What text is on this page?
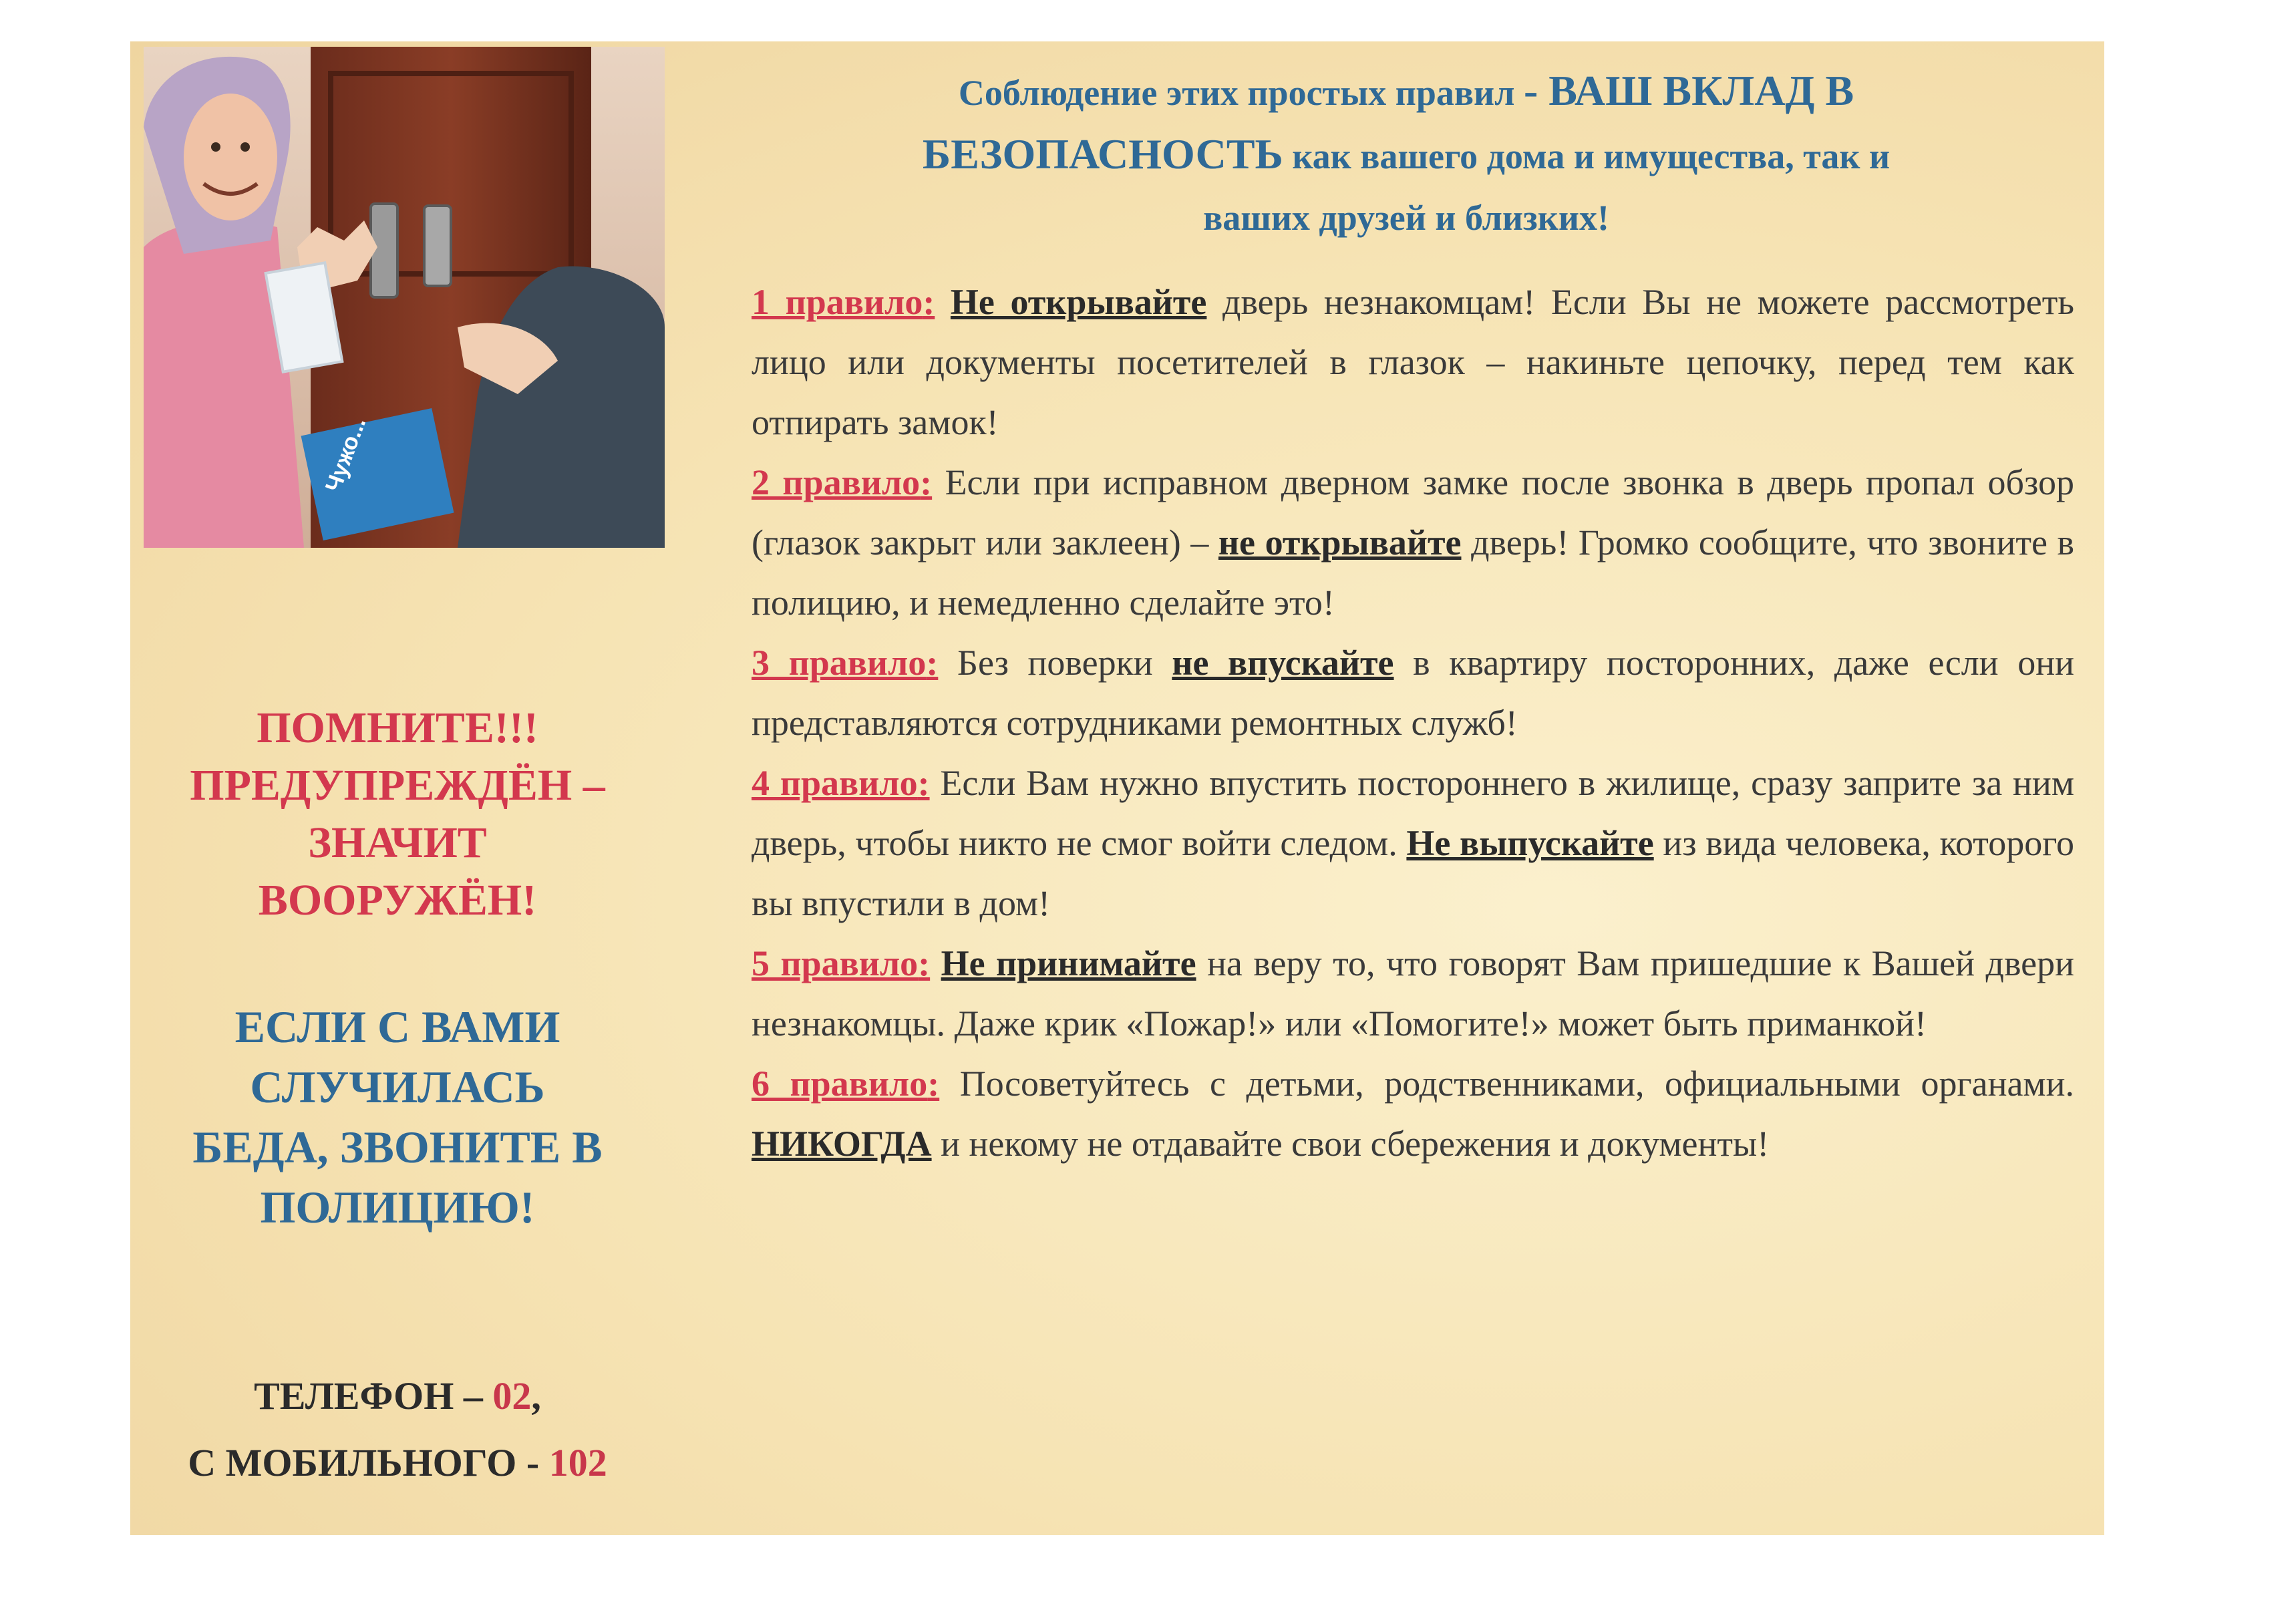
Чужо...
Соблюдение этих простых правил - ВАШ ВКЛАД В
БЕЗОПАСНОСТЬ как вашего дома и имущества, так и
ваших друзей и близких!
1 правило: Не открывайте дверь незнакомцам! Если Вы не можете рассмотреть лицо или документы посетителей в глазок – накиньте цепочку, перед тем как отпирать замок!
2 правило: Если при исправном дверном замке после звонка в дверь пропал обзор (глазок закрыт или заклеен) – не открывайте дверь! Громко сообщите, что звоните в полицию, и немедленно сделайте это!
3 правило: Без поверки не впускайте в квартиру посторонних, даже если они представляются сотрудниками ремонтных служб!
4 правило: Если Вам нужно впустить постороннего в жилище, сразу заприте за ним дверь, чтобы никто не смог войти следом. Не выпускайте из вида человека, которого вы впустили в дом!
5 правило: Не принимайте на веру то, что говорят Вам пришедшие к Вашей двери незнакомцы. Даже крик «Пожар!» или «Помогите!» может быть приманкой!
6 правило: Посоветуйтесь с детьми, родственниками, официальными органами. НИКОГДА и некому не отдавайте свои сбережения и документы!
ПОМНИТЕ!!!
ПРЕДУПРЕЖДЁН –
ЗНАЧИТ
ВООРУЖЁН!
ЕСЛИ С ВАМИ
СЛУЧИЛАСЬ
БЕДА, ЗВОНИТЕ В
ПОЛИЦИЮ!
ТЕЛЕФОН – 02,
С МОБИЛЬНОГО - 102
